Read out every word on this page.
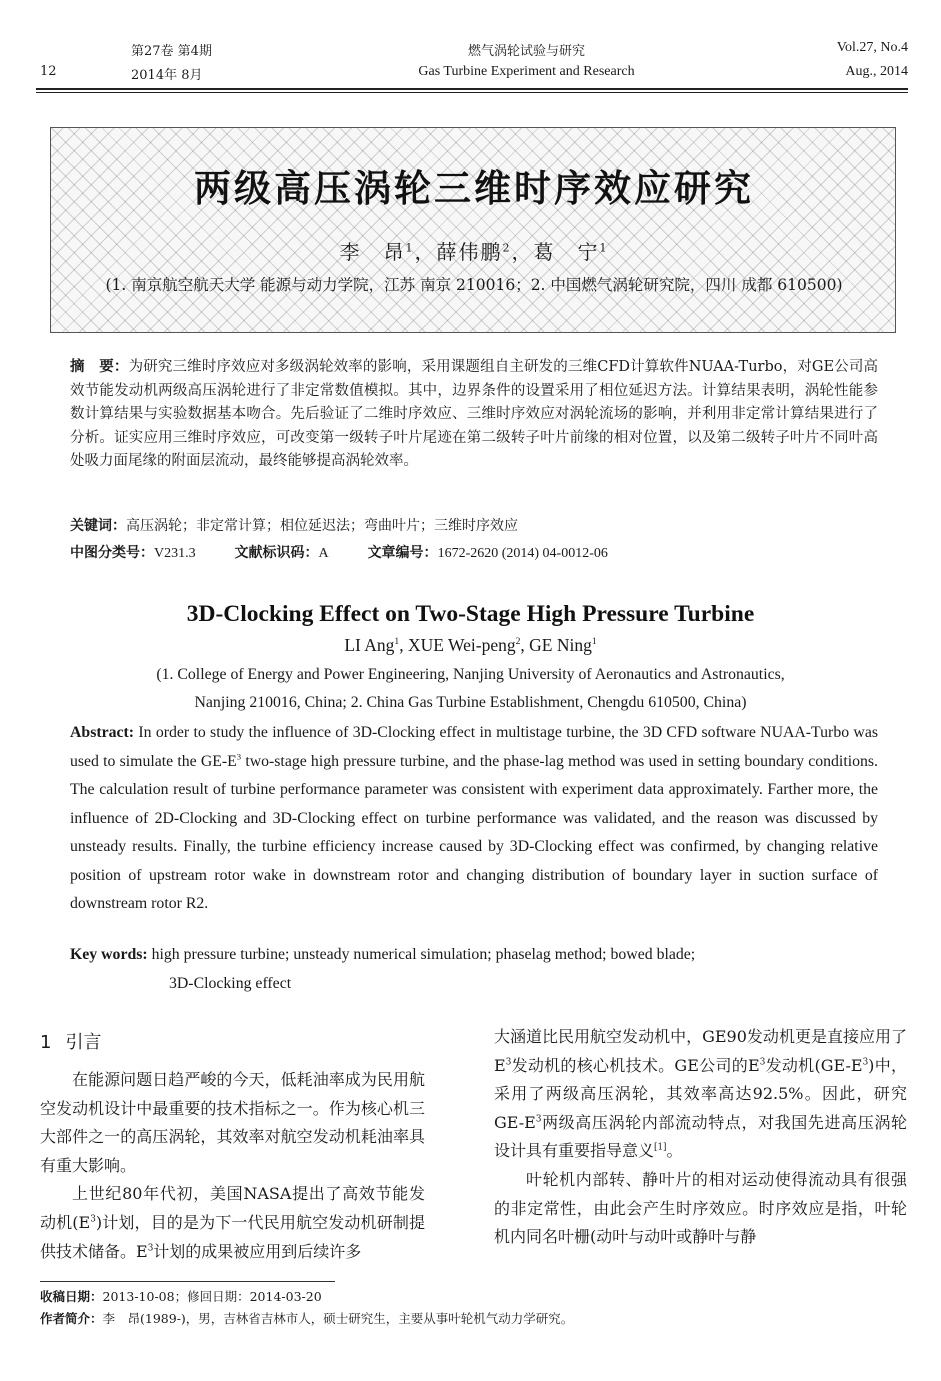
第27卷 第4期
12	2014年 8月
燃气涡轮试验与研究
Gas Turbine Experiment and Research
Vol.27, No.4
Aug., 2014
两级高压涡轮三维时序效应研究
李　昂$^1$，薛伟鹏$^2$，葛　宁$^1$
(1. 南京航空航天大学 能源与动力学院，江苏 南京 210016；2. 中国燃气涡轮研究院，四川 成都 610500)
摘　要：为研究三维时序效应对多级涡轮效率的影响，采用课题组自主研发的三维CFD计算软件NUAA-Turbo，对GE公司高效节能发动机两级高压涡轮进行了非定常数值模拟。其中，边界条件的设置采用了相位延迟方法。计算结果表明，涡轮性能参数计算结果与实验数据基本吻合。先后验证了二维时序效应、三维时序效应对涡轮流场的影响，并利用非定常计算结果进行了分析。证实应用三维时序效应，可改变第一级转子叶片尾迹在第二级转子叶片前缘的相对位置，以及第二级转子叶片不同叶高处吸力面尾缘的附面层流动，最终能够提高涡轮效率。
关键词：高压涡轮；非定常计算；相位延迟法；弯曲叶片；三维时序效应
中图分类号：V231.3	文献标识码：A	文章编号：1672-2620 (2014) 04-0012-06
3D-Clocking Effect on Two-Stage High Pressure Turbine
LI Ang$^1$, XUE Wei-peng$^2$, GE Ning$^1$
(1. College of Energy and Power Engineering, Nanjing University of Aeronautics and Astronautics,
Nanjing 210016, China; 2. China Gas Turbine Establishment, Chengdu 610500, China)
Abstract: In order to study the influence of 3D-Clocking effect in multistage turbine, the 3D CFD software NUAA-Turbo was used to simulate the $GE-E^3$ two-stage high pressure turbine, and the phase-lag method was used in setting boundary conditions. The calculation result of turbine performance parameter was consistent with experiment data approximately. Farther more, the influence of 2D-Clocking and 3D-Clocking effect on turbine performance was validated, and the reason was discussed by unsteady results. Finally, the turbine efficiency increase caused by 3D-Clocking effect was confirmed, by changing relative position of upstream rotor wake in downstream rotor and changing distribution of boundary layer in suction surface of downstream rotor R2.
Key words: high pressure turbine; unsteady numerical simulation; phaselag method; bowed blade;
3D-Clocking effect
1 引言
在能源问题日趋严峻的今天，低耗油率成为民用航空发动机设计中最重要的技术指标之一。作为核心机三大部件之一的高压涡轮，其效率对航空发动机耗油率具有重大影响。
上世纪80年代初，美国NASA提出了高效节能发动机$(E^3)$计划，目的是为下一代民用航空发动机研制提供技术储备。$E^3$计划的成果被应用到后续许多
大涵道比民用航空发动机中，GE90发动机更是直接应用了$E^3$发动机的核心机技术。GE公司的$E^3$发动机$(GE-E^3)$中，采用了两级高压涡轮，其效率高达92.5%。因此，研究$GE-E^3$两级高压涡轮内部流动特点，对我国先进高压涡轮设计具有重要指导意义[1]。
叶轮机内部转、静叶片的相对运动使得流动具有很强的非定常性，由此会产生时序效应。时序效应是指，叶轮机内同名叶栅(动叶与动叶或静叶与静
收稿日期：2013-10-08；修回日期：2014-03-20
作者简介：李　昂(1989-)，男，吉林省吉林市人，硕士研究生，主要从事叶轮机气动力学研究。
